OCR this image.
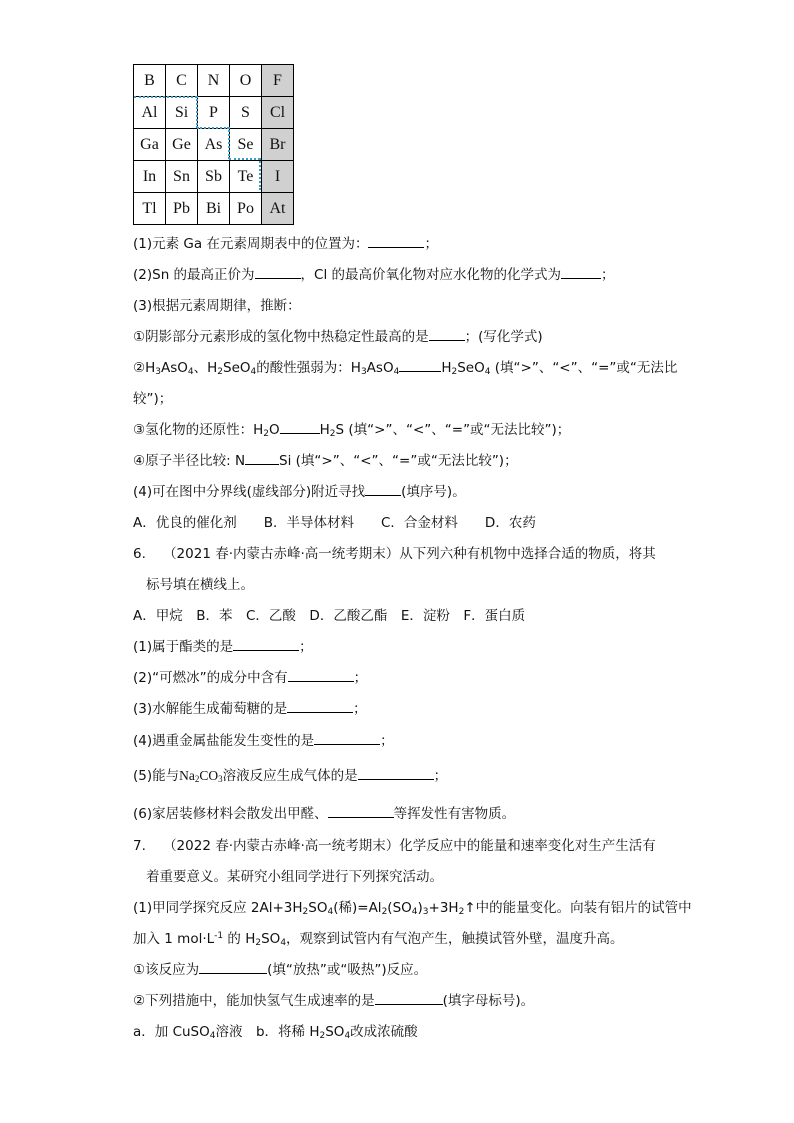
B	C	N	O	F
Al	Si	P	S	Cl
Ga	Ge	As	Se	Br
In	Sn	Sb	Te	I
Tl	Pb	Bi	Po	At
(1)元素 Ga 在元素周期表中的位置为：	；
(2)Sn 的最高正价为	，Cl 的最高价氧化物对应水化物的化学式为	；
(3)根据元素周期律，推断：
①阴影部分元素形成的氢化物中热稳定性最高的是	；(写化学式)
$②H_3AsO_4$、$H_2SeO_4$的酸性强弱为：$H_3AsO_4$	$H_2SeO_4$ (填“>”、“<”、“=”或“无法比
较”)；
③氢化物的还原性：$H_2O$	$H_2S$ (填“>”、“<”、“=”或“无法比较”)；
④原子半径比较: N	Si (填“>”、“<”、“=”或“无法比较”)；
(4)可在图中分界线(虚线部分)附近寻找	(填序号)。
A．优良的催化剂　　B．半导体材料　　C．合金材料　　D．农药
6. （2021 春·内蒙古赤峰·高一统考期末）从下列六种有机物中选择合适的物质，将其
标号填在横线上。
A．甲烷　B．苯　C．乙酸　D．乙酸乙酯　E．淀粉　F．蛋白质
(1)属于酯类的是	；
(2)“可燃冰”的成分中含有	；
(3)水解能生成葡萄糖的是	；
(4)遇重金属盐能发生变性的是	；
(5)能与$Na_2CO_3$溶液反应生成气体的是	；
(6)家居装修材料会散发出甲醛、	等挥发性有害物质。
7. （2022 春·内蒙古赤峰·高一统考期末）化学反应中的能量和速率变化对生产生活有
着重要意义。某研究小组同学进行下列探究活动。
(1)甲同学探究反应 $2Al+3H_2SO_4$(稀)$=Al_2(SO_4)_3+3H_2↑$中的能量变化。向装有铝片的试管中
加入 1 $mol\cdot L^{-1}$ 的 $H_2SO_4$，观察到试管内有气泡产生，触摸试管外壁，温度升高。
①该反应为	(填“放热”或“吸热”)反应。
②下列措施中，能加快氢气生成速率的是	(填字母标号)。
a．加 CuSO$_4$溶液　b．将稀 $H_2SO_4$改成浓硫酸
